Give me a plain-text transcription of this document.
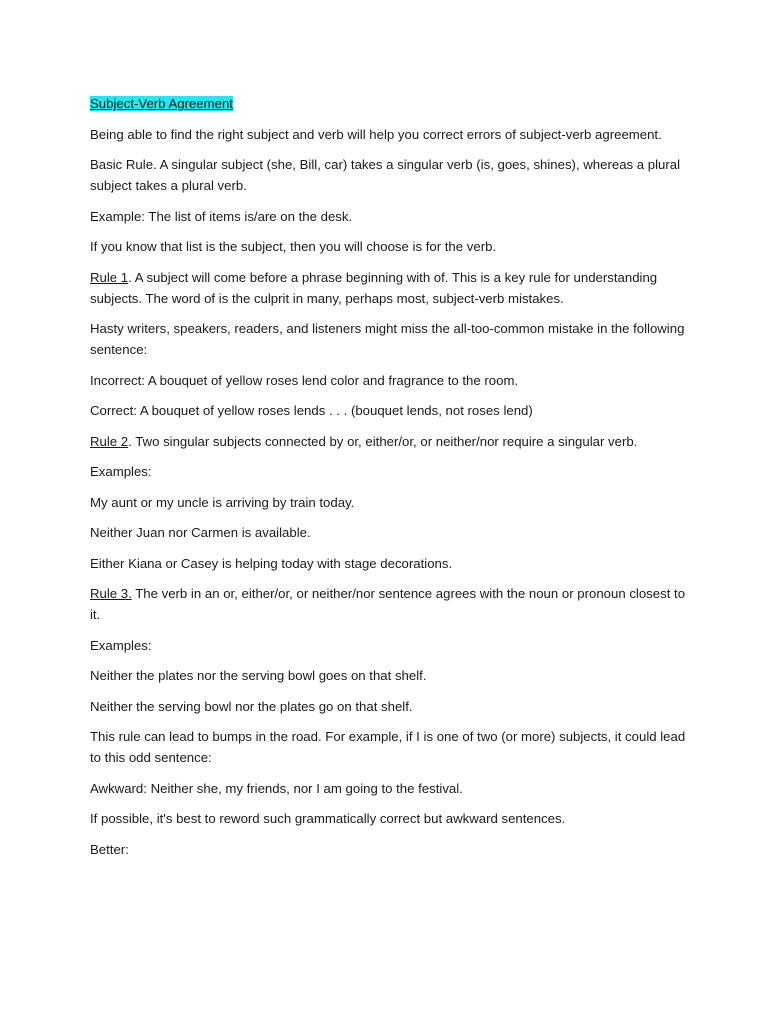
Subject-Verb Agreement

Being able to find the right subject and verb will help you correct errors of subject-verb agreement.

Basic Rule. A singular subject (she, Bill, car) takes a singular verb (is, goes, shines), whereas a plural subject takes a plural verb.

Example: The list of items is/are on the desk.

If you know that list is the subject, then you will choose is for the verb.

Rule 1. A subject will come before a phrase beginning with of. This is a key rule for understanding subjects. The word of is the culprit in many, perhaps most, subject-verb mistakes.

Hasty writers, speakers, readers, and listeners might miss the all-too-common mistake in the following sentence:

Incorrect: A bouquet of yellow roses lend color and fragrance to the room.

Correct: A bouquet of yellow roses lends . . . (bouquet lends, not roses lend)

Rule 2. Two singular subjects connected by or, either/or, or neither/nor require a singular verb.

Examples:

My aunt or my uncle is arriving by train today.

Neither Juan nor Carmen is available.

Either Kiana or Casey is helping today with stage decorations.

Rule 3. The verb in an or, either/or, or neither/nor sentence agrees with the noun or pronoun closest to it.

Examples:

Neither the plates nor the serving bowl goes on that shelf.

Neither the serving bowl nor the plates go on that shelf.

This rule can lead to bumps in the road. For example, if I is one of two (or more) subjects, it could lead to this odd sentence:

Awkward: Neither she, my friends, nor I am going to the festival.

If possible, it's best to reword such grammatically correct but awkward sentences.

Better:
